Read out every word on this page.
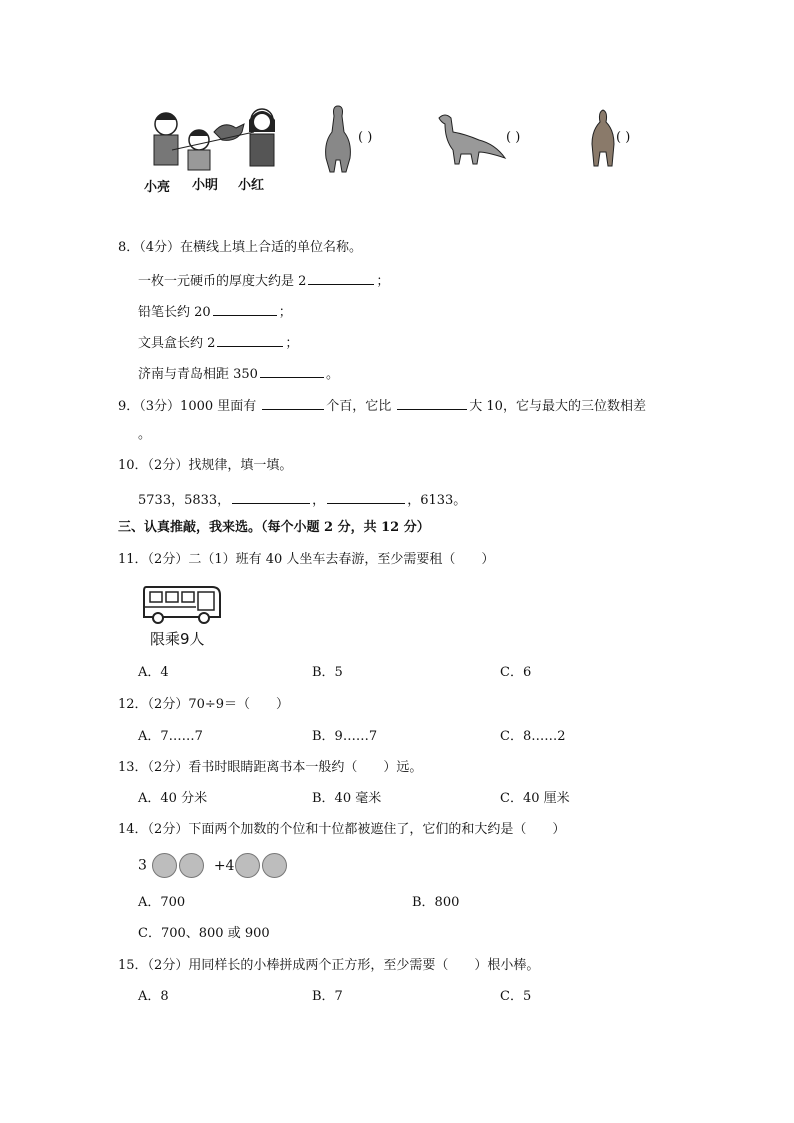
小亮 小明 小红
( )	( )	( )
8．（4分）在横线上填上合适的单位名称。
一枚一元硬币的厚度大约是 2	；
铅笔长约 20	；
文具盒长约 2	；
济南与青岛相距 350	。
9．（3分）1000 里面有	个百，它比	大 10，它与最大的三位数相差
。
10．（2分）找规律，填一填。
5733，5833，	，	，6133。
三、认真推敲，我来选。（每个小题 2 分，共 12 分）
11．（2分）二（1）班有 40 人坐车去春游，至少需要租（　　）
限乘9人
A．4	B．5	C．6
12．（2分）70÷9＝（　　）
A．7……7	B．9……7	C．8……2
13．（2分）看书时眼睛距离书本一般约（　　）远。
A．40 分米	B．40 毫米	C．40 厘米
14．（2分）下面两个加数的个位和十位都被遮住了，它们的和大约是（　　）
3	+4
A．700	B．800
C．700、800 或 900
15．（2分）用同样长的小棒拼成两个正方形，至少需要（　　）根小棒。
A．8	B．7	C．5
